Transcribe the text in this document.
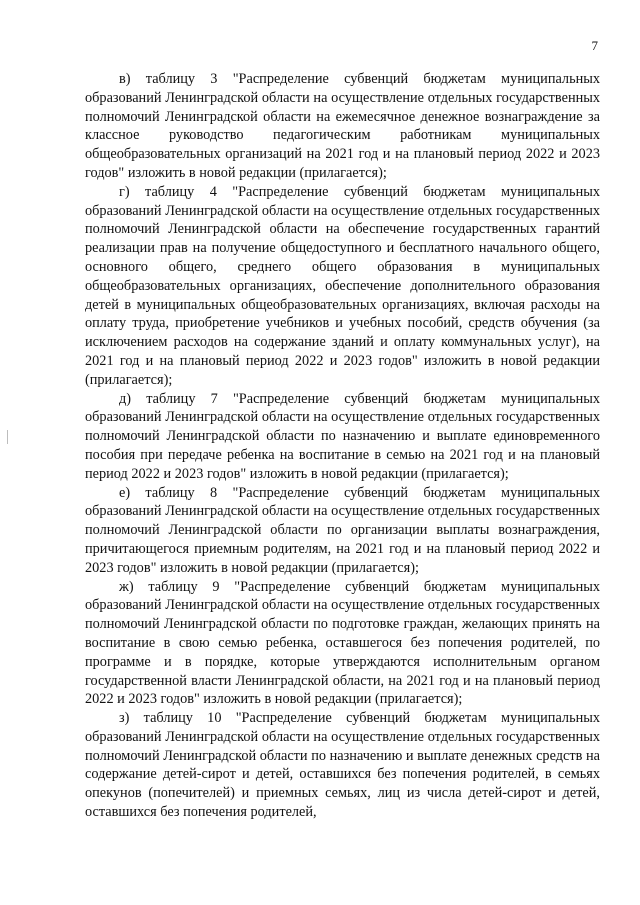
7

в) таблицу 3 "Распределение субвенций бюджетам муниципальных образований Ленинградской области на осуществление отдельных государственных полномочий Ленинградской области на ежемесячное денежное вознаграждение за классное руководство педагогическим работникам муниципальных общеобразовательных организаций на 2021 год и на плановый период 2022 и 2023 годов" изложить в новой редакции (прилагается);

г) таблицу 4 "Распределение субвенций бюджетам муниципальных образований Ленинградской области на осуществление отдельных государственных полномочий Ленинградской области на обеспечение государственных гарантий реализации прав на получение общедоступного и бесплатного начального общего, основного общего, среднего общего образования в муниципальных общеобразовательных организациях, обеспечение дополнительного образования детей в муниципальных общеобразовательных организациях, включая расходы на оплату труда, приобретение учебников и учебных пособий, средств обучения (за исключением расходов на содержание зданий и оплату коммунальных услуг), на 2021 год и на плановый период 2022 и 2023 годов" изложить в новой редакции (прилагается);

д) таблицу 7 "Распределение субвенций бюджетам муниципальных образований Ленинградской области на осуществление отдельных государственных полномочий Ленинградской области по назначению и выплате единовременного пособия при передаче ребенка на воспитание в семью на 2021 год и на плановый период 2022 и 2023 годов" изложить в новой редакции (прилагается);

е) таблицу 8 "Распределение субвенций бюджетам муниципальных образований Ленинградской области на осуществление отдельных государственных полномочий Ленинградской области по организации выплаты вознаграждения, причитающегося приемным родителям, на 2021 год и на плановый период 2022 и 2023 годов" изложить в новой редакции (прилагается);

ж) таблицу 9 "Распределение субвенций бюджетам муниципальных образований Ленинградской области на осуществление отдельных государственных полномочий Ленинградской области по подготовке граждан, желающих принять на воспитание в свою семью ребенка, оставшегося без попечения родителей, по программе и в порядке, которые утверждаются исполнительным органом государственной власти Ленинградской области, на 2021 год и на плановый период 2022 и 2023 годов" изложить в новой редакции (прилагается);

з) таблицу 10 "Распределение субвенций бюджетам муниципальных образований Ленинградской области на осуществление отдельных государственных полномочий Ленинградской области по назначению и выплате денежных средств на содержание детей-сирот и детей, оставшихся без попечения родителей, в семьях опекунов (попечителей) и приемных семьях, лиц из числа детей-сирот и детей, оставшихся без попечения родителей,
